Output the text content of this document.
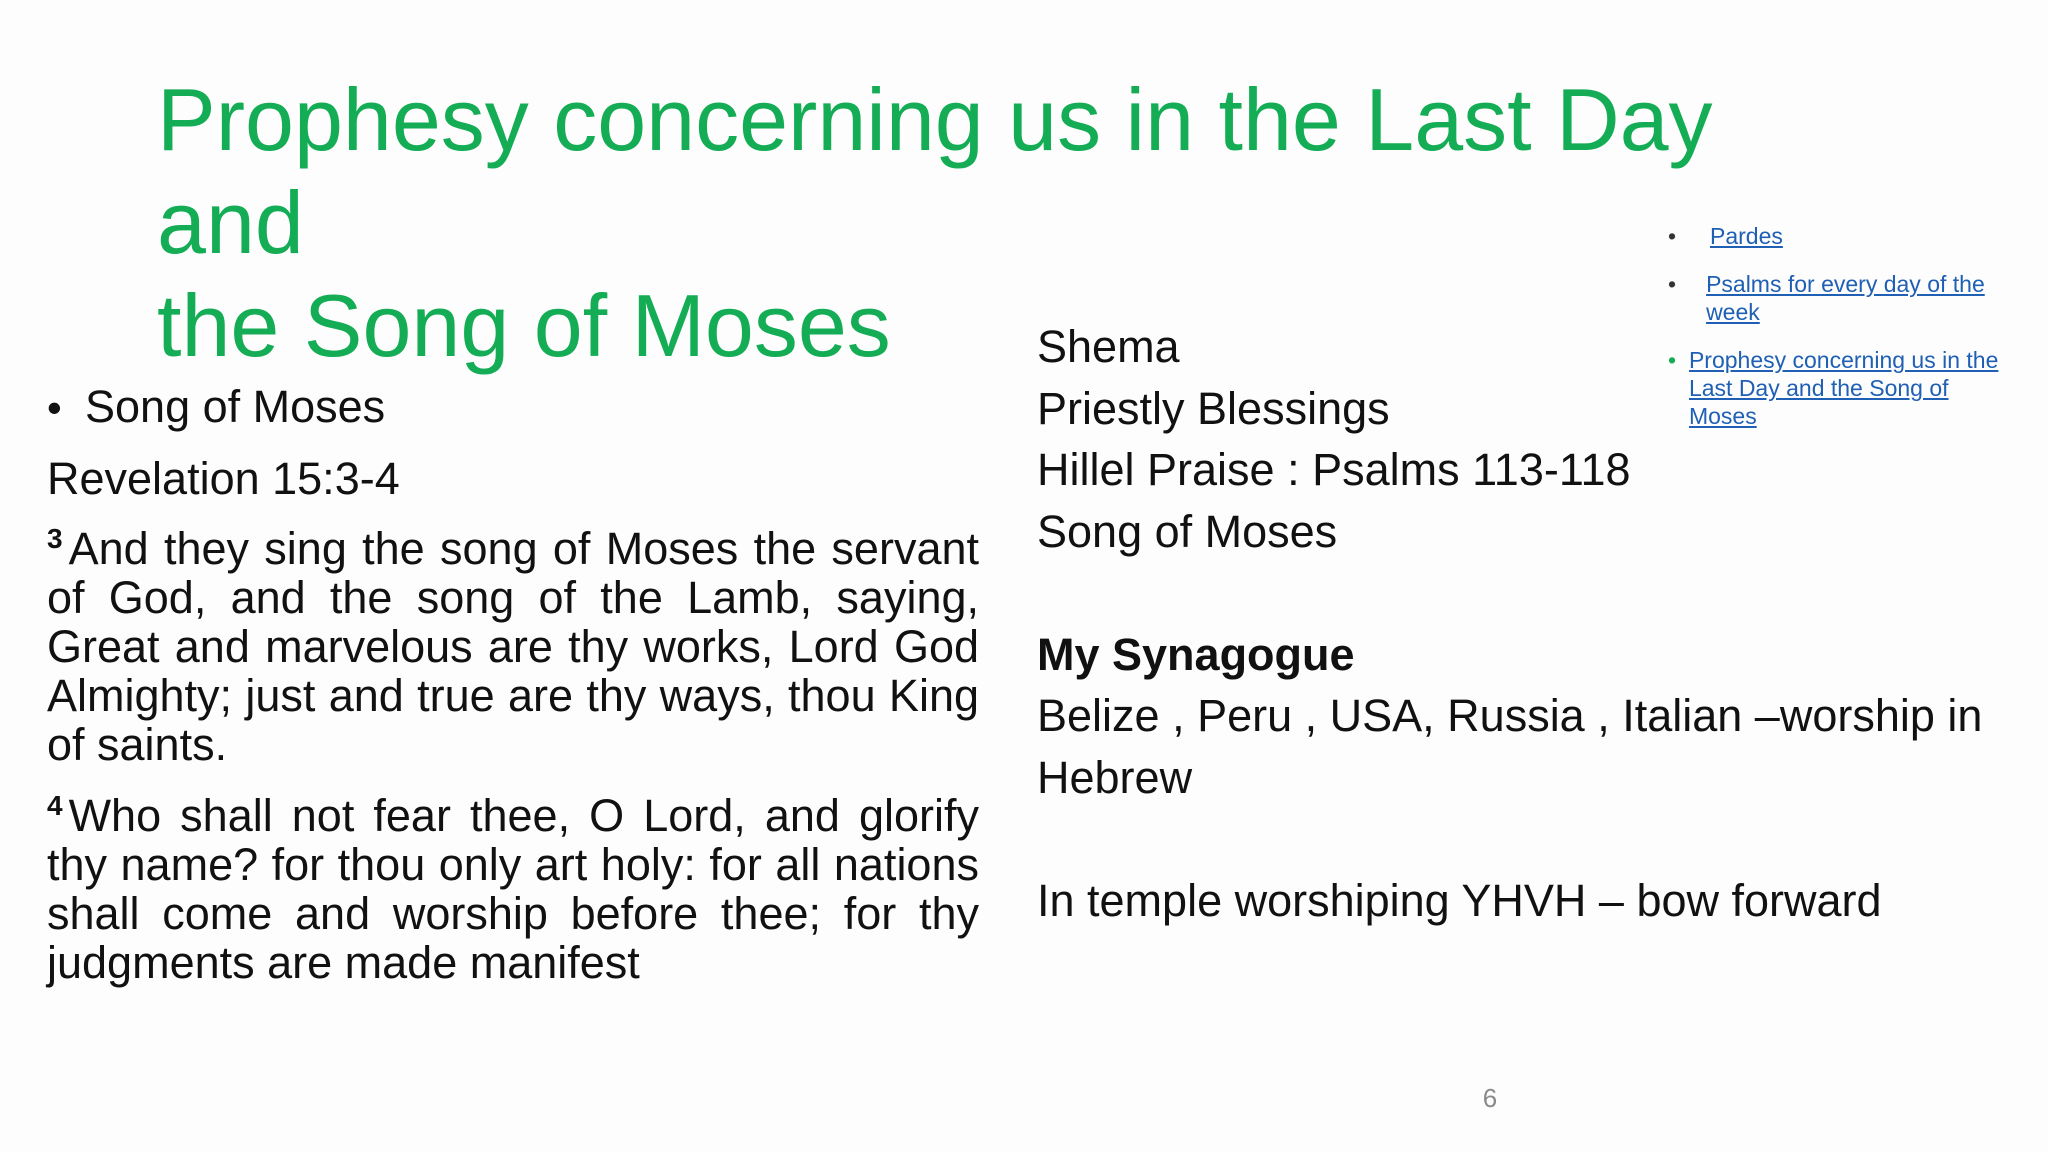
Prophesy concerning us in the Last Day and
the Song of Moses
• Song of Moses
Revelation 15:3-4

$^3$ And they sing the song of Moses the servant of God, and the song of the Lamb, saying, Great and marvelous are thy works, Lord God Almighty; just and true are thy ways, thou King of saints.

$^4$ Who shall not fear thee, O Lord, and glorify thy name? for thou only art holy: for all nations shall come and worship before thee; for thy judgments are made manifest

Shema
Priestly Blessings
Hillel Praise : Psalms 113-118
Song of Moses
My Synagogue
Belize , Peru , USA, Russia , Italian –worship in
Hebrew
In temple worshiping YHVH – bow forward
•	Pardes
•	Psalms for every day of the week
• Prophesy concerning us in the Last Day and the Song of Moses
6
